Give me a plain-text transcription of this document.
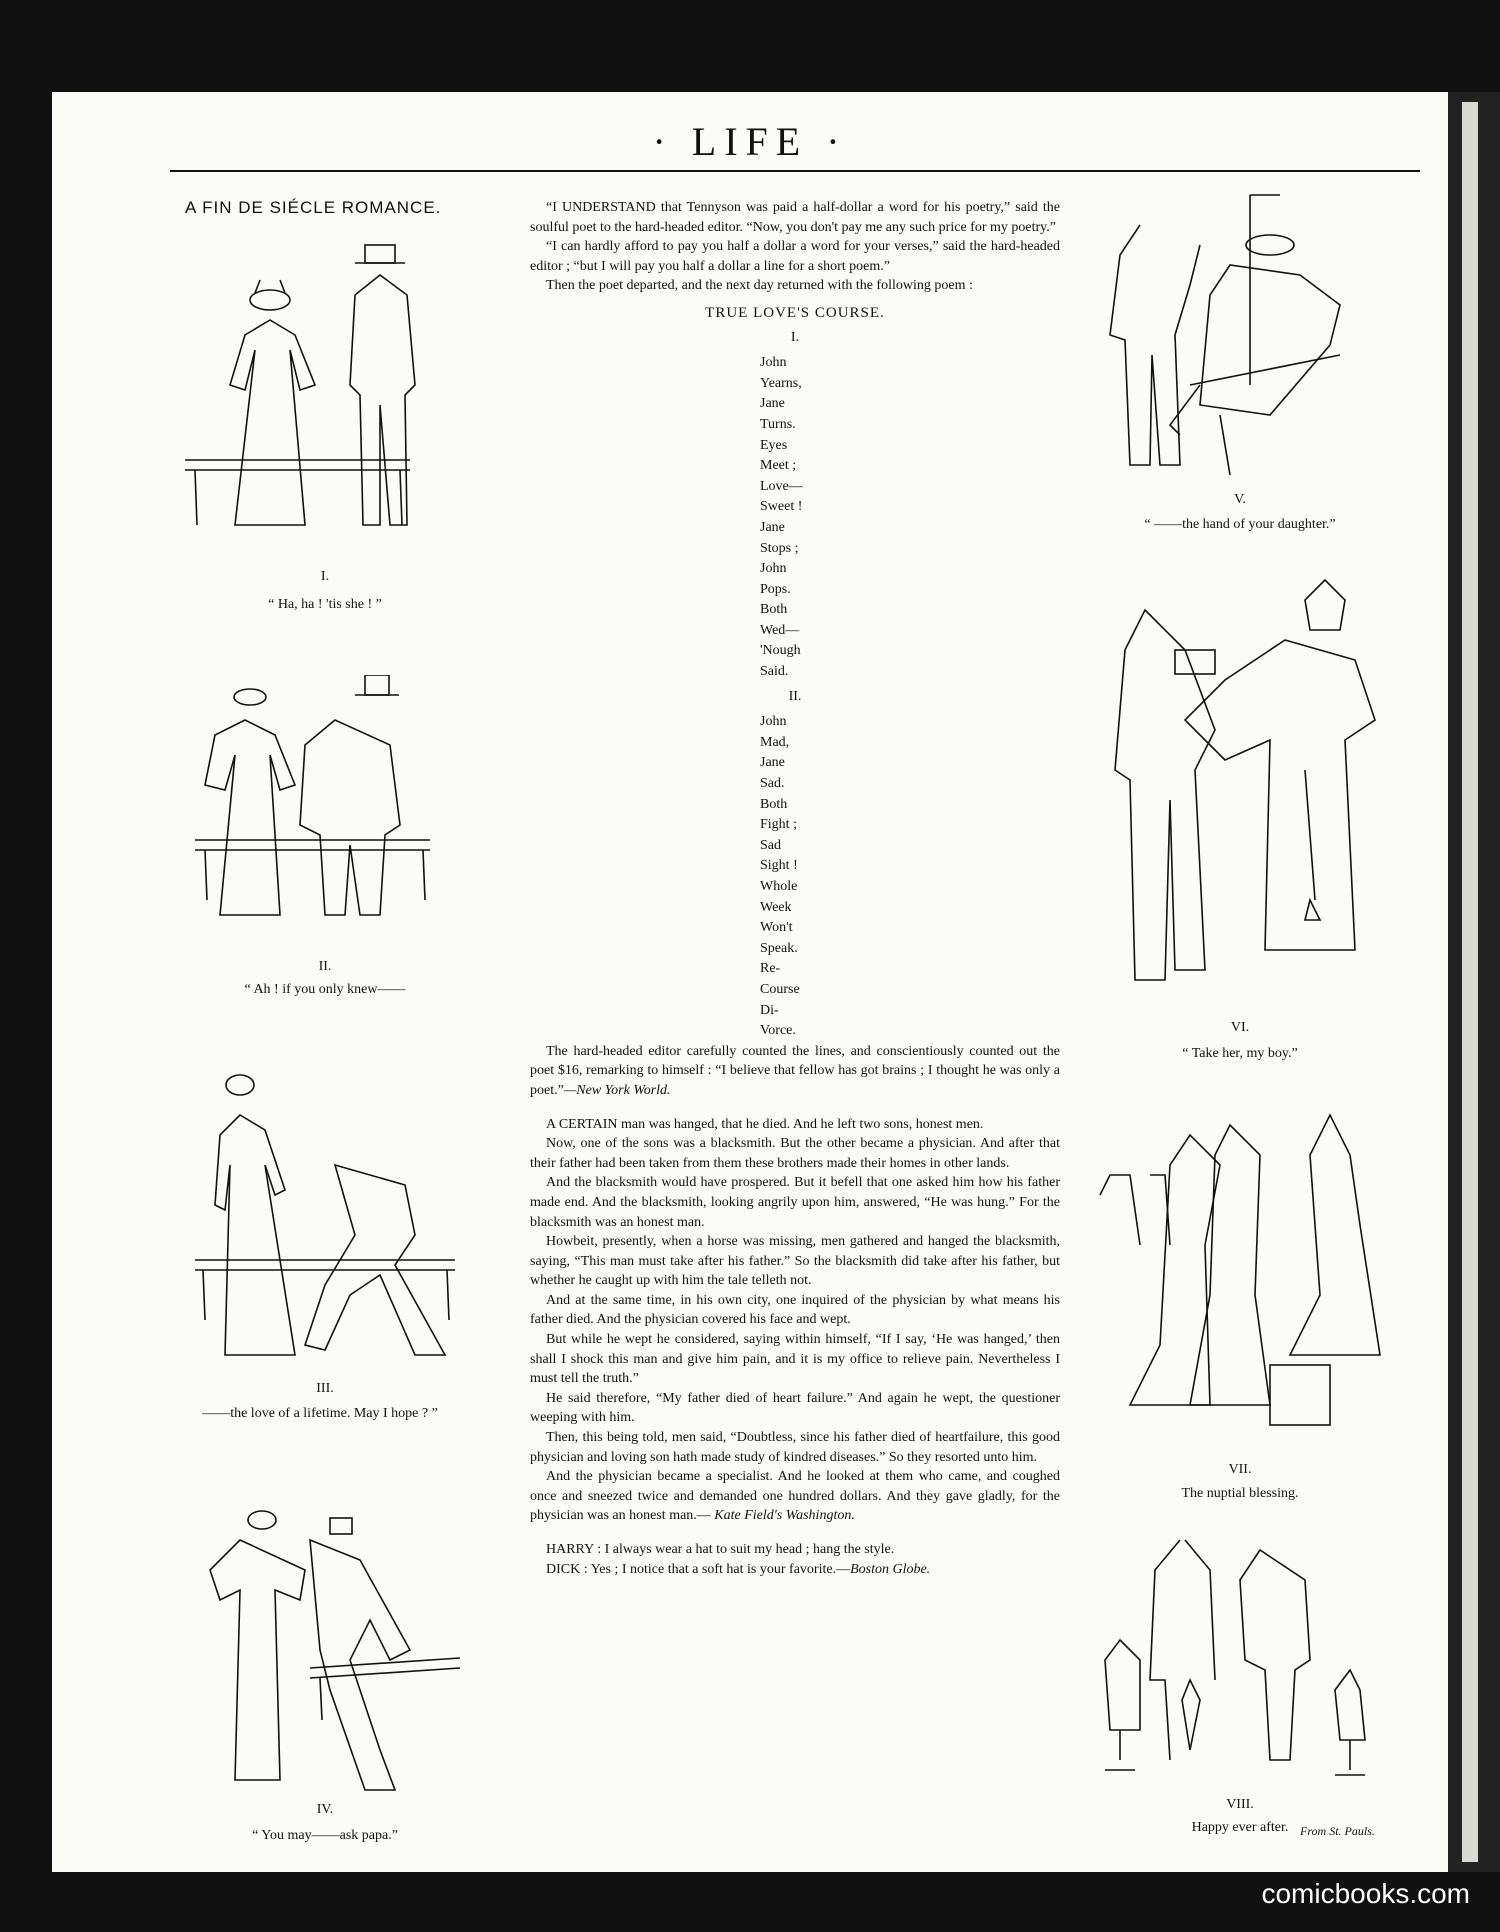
· LIFE ·
A FIN DE SIÉCLE ROMANCE.
I.
“ Ha, ha ! 'tis she ! ”
II.
“ Ah ! if you only knew——
III.
——the love of a lifetime. May I hope ? ”
IV.
“ You may——ask papa.”
V.
“ ——the hand of your daughter.”
VI.
“ Take her, my boy.”
VII.
The nuptial blessing.
VIII.
Happy ever after. From St. Pauls.

“I UNDERSTAND that Tennyson was paid a half-dollar a word for his poetry,” said the soulful poet to the hard-headed editor. “Now, you don't pay me any such price for my poetry.”

“I can hardly afford to pay you half a dollar a word for your verses,” said the hard-headed editor ; “but I will pay you half a dollar a line for a short poem.”

Then the poet departed, and the next day returned with the following poem :

TRUE LOVE'S COURSE.
I.
John
Yearns,
Jane
Turns.
Eyes
Meet ;
Love—
Sweet !
Jane
Stops ;
John
Pops.
Both
Wed—
'Nough
Said.
II.
John
Mad,
Jane
Sad.
Both
Fight ;
Sad
Sight !
Whole
Week
Won't
Speak.
Re-
Course
Di-
Vorce.

The hard-headed editor carefully counted the lines, and conscientiously counted out the poet $16, remarking to himself : “I believe that fellow has got brains ; I thought he was only a poet.”—New York World.

A CERTAIN man was hanged, that he died. And he left two sons, honest men.

Now, one of the sons was a blacksmith. But the other became a physician. And after that their father had been taken from them these brothers made their homes in other lands.

And the blacksmith would have prospered. But it befell that one asked him how his father made end. And the blacksmith, looking angrily upon him, answered, “He was hung.” For the blacksmith was an honest man.

Howbeit, presently, when a horse was missing, men gathered and hanged the blacksmith, saying, “This man must take after his father.” So the blacksmith did take after his father, but whether he caught up with him the tale telleth not.

And at the same time, in his own city, one inquired of the physician by what means his father died. And the physician covered his face and wept.

But while he wept he considered, saying within himself, “If I say, ‘He was hanged,’ then shall I shock this man and give him pain, and it is my office to relieve pain. Nevertheless I must tell the truth.”

He said therefore, “My father died of heart failure.” And again he wept, the questioner weeping with him.

Then, this being told, men said, “Doubtless, since his father died of heartfailure, this good physician and loving son hath made study of kindred diseases.” So they resorted unto him.

And the physician became a specialist. And he looked at them who came, and coughed once and sneezed twice and demanded one hundred dollars. And they gave gladly, for the physician was an honest man.— Kate Field's Washington.

HARRY : I always wear a hat to suit my head ; hang the style.

DICK : Yes ; I notice that a soft hat is your favorite.—Boston Globe.

comicbooks.com
